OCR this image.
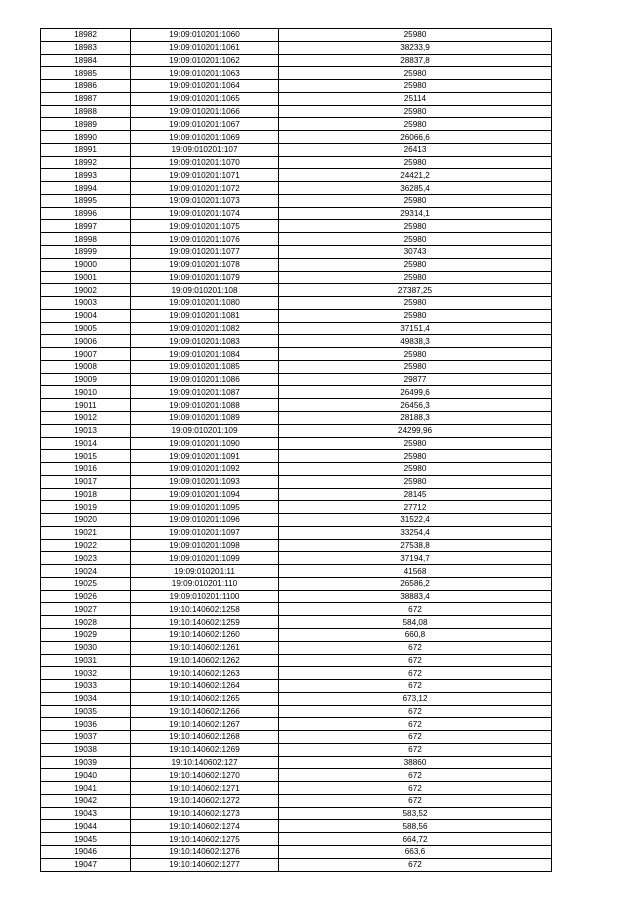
18982	19:09:010201:1060	25980
18983	19:09:010201:1061	38233,9
18984	19:09:010201:1062	28837,8
18985	19:09:010201:1063	25980
18986	19:09:010201:1064	25980
18987	19:09:010201:1065	25114
18988	19:09:010201:1066	25980
18989	19:09:010201:1067	25980
18990	19:09:010201:1069	26066,6
18991	19:09:010201:107	26413
18992	19:09:010201:1070	25980
18993	19:09:010201:1071	24421,2
18994	19:09:010201:1072	36285,4
18995	19:09:010201:1073	25980
18996	19:09:010201:1074	29314,1
18997	19:09:010201:1075	25980
18998	19:09:010201:1076	25980
18999	19:09:010201:1077	30743
19000	19:09:010201:1078	25980
19001	19:09:010201:1079	25980
19002	19:09:010201:108	27387,25
19003	19:09:010201:1080	25980
19004	19:09:010201:1081	25980
19005	19:09:010201:1082	37151,4
19006	19:09:010201:1083	49838,3
19007	19:09:010201:1084	25980
19008	19:09:010201:1085	25980
19009	19:09:010201:1086	29877
19010	19:09:010201:1087	26499,6
19011	19:09:010201:1088	26456,3
19012	19:09:010201:1089	28188,3
19013	19:09:010201:109	24299,96
19014	19:09:010201:1090	25980
19015	19:09:010201:1091	25980
19016	19:09:010201:1092	25980
19017	19:09:010201:1093	25980
19018	19:09:010201:1094	28145
19019	19:09:010201:1095	27712
19020	19:09:010201:1096	31522,4
19021	19:09:010201:1097	33254,4
19022	19:09:010201:1098	27538,8
19023	19:09:010201:1099	37194,7
19024	19:09:010201:11	41568
19025	19:09:010201:110	26586,2
19026	19:09:010201:1100	38883,4
19027	19:10:140602:1258	672
19028	19:10:140602:1259	584,08
19029	19:10:140602:1260	660,8
19030	19:10:140602:1261	672
19031	19:10:140602:1262	672
19032	19:10:140602:1263	672
19033	19:10:140602:1264	672
19034	19:10:140602:1265	673,12
19035	19:10:140602:1266	672
19036	19:10:140602:1267	672
19037	19:10:140602:1268	672
19038	19:10:140602:1269	672
19039	19:10:140602:127	38860
19040	19:10:140602:1270	672
19041	19:10:140602:1271	672
19042	19:10:140602:1272	672
19043	19:10:140602:1273	583,52
19044	19:10:140602:1274	588,56
19045	19:10:140602:1275	664,72
19046	19:10:140602:1276	663,6
19047	19:10:140602:1277	672
